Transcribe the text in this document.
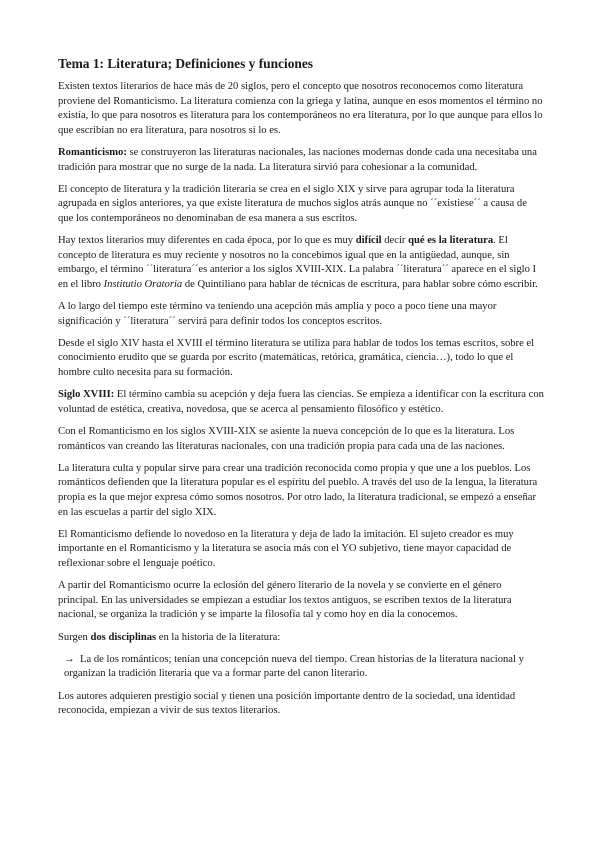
Tema 1: Literatura; Definiciones y funciones

Existen textos literarios de hace más de 20 siglos, pero el concepto que nosotros reconocemos como literatura proviene del Romanticismo. La literatura comienza con la griega y latina, aunque en esos momentos el término no existía, lo que para nosotros es literatura para los contemporáneos no era literatura, por lo que aunque para ellos lo que escribían no era literatura, para nosotros sí lo es.

Romanticismo: se construyeron las literaturas nacionales, las naciones modernas donde cada una necesitaba una tradición para mostrar que no surge de la nada. La literatura sirvió para cohesionar a la comunidad.

El concepto de literatura y la tradición literaria se crea en el siglo XIX y sirve para agrupar toda la literatura agrupada en siglos anteriores, ya que existe literatura de muchos siglos atrás aunque no ´´existiese´´ a causa de que los contemporáneos no denominaban de esa manera a sus escritos.

Hay textos literarios muy diferentes en cada época, por lo que es muy difícil decir qué es la literatura. El concepto de literatura es muy reciente y nosotros no la concebimos igual que en la antigüedad, aunque, sin embargo, el término ´´literatura´´es anterior a los siglos XVIII-XIX. La palabra ´´literatura´´ aparece en el siglo I en el libro Institutio Oratoria de Quintiliano para hablar de técnicas de escritura, para hablar sobre cómo escribir.

A lo largo del tiempo este término va teniendo una acepción más amplia y poco a poco tiene una mayor significación y ´´literatura´´ servirá para definir todos los conceptos escritos.

Desde el siglo XIV hasta el XVIII el término literatura se utiliza para hablar de todos los temas escritos, sobre el conocimiento erudito que se guarda por escrito (matemáticas, retórica, gramática, ciencia…), todo lo que el hombre culto necesita para su formación.

Siglo XVIII: El término cambia su acepción y deja fuera las ciencias. Se empieza a identificar con la escritura con voluntad de estética, creativa, novedosa, que se acerca al pensamiento filosófico y estético.

Con el Romanticismo en los siglos XVIII-XIX se asiente la nueva concepción de lo que es la literatura. Los románticos van creando las literaturas nacionales, con una tradición propia para cada una de las naciones.

La literatura culta y popular sirve para crear una tradición reconocida como propia y que une a los pueblos. Los románticos defienden que la literatura popular es el espíritu del pueblo. A través del uso de la lengua, la literatura propia es la que mejor expresa cómo somos nosotros. Por otro lado, la literatura tradicional, se empezó a enseñar en las escuelas a partir del siglo XIX.

El Romanticismo defiende lo novedoso en la literatura y deja de lado la imitación. El sujeto creador es muy importante en el Romanticismo y la literatura se asocia más con el YO subjetivo, tiene mayor capacidad de reflexionar sobre el lenguaje poético.

A partir del Romanticismo ocurre la eclosión del género literario de la novela y se convierte en el género principal. En las universidades se empiezan a estudiar los textos antiguos, se escriben textos de la literatura nacional, se organiza la tradición y se imparte la filosofía tal y como hoy en día la conocemos.

Surgen dos disciplinas en la historia de la literatura:

→ La de los románticos; tenían una concepción nueva del tiempo. Crean historias de la literatura nacional y organizan la tradición literaria que va a formar parte del canon literario.

Los autores adquieren prestigio social y tienen una posición importante dentro de la sociedad, una identidad reconocida, empiezan a vivir de sus textos literarios.
